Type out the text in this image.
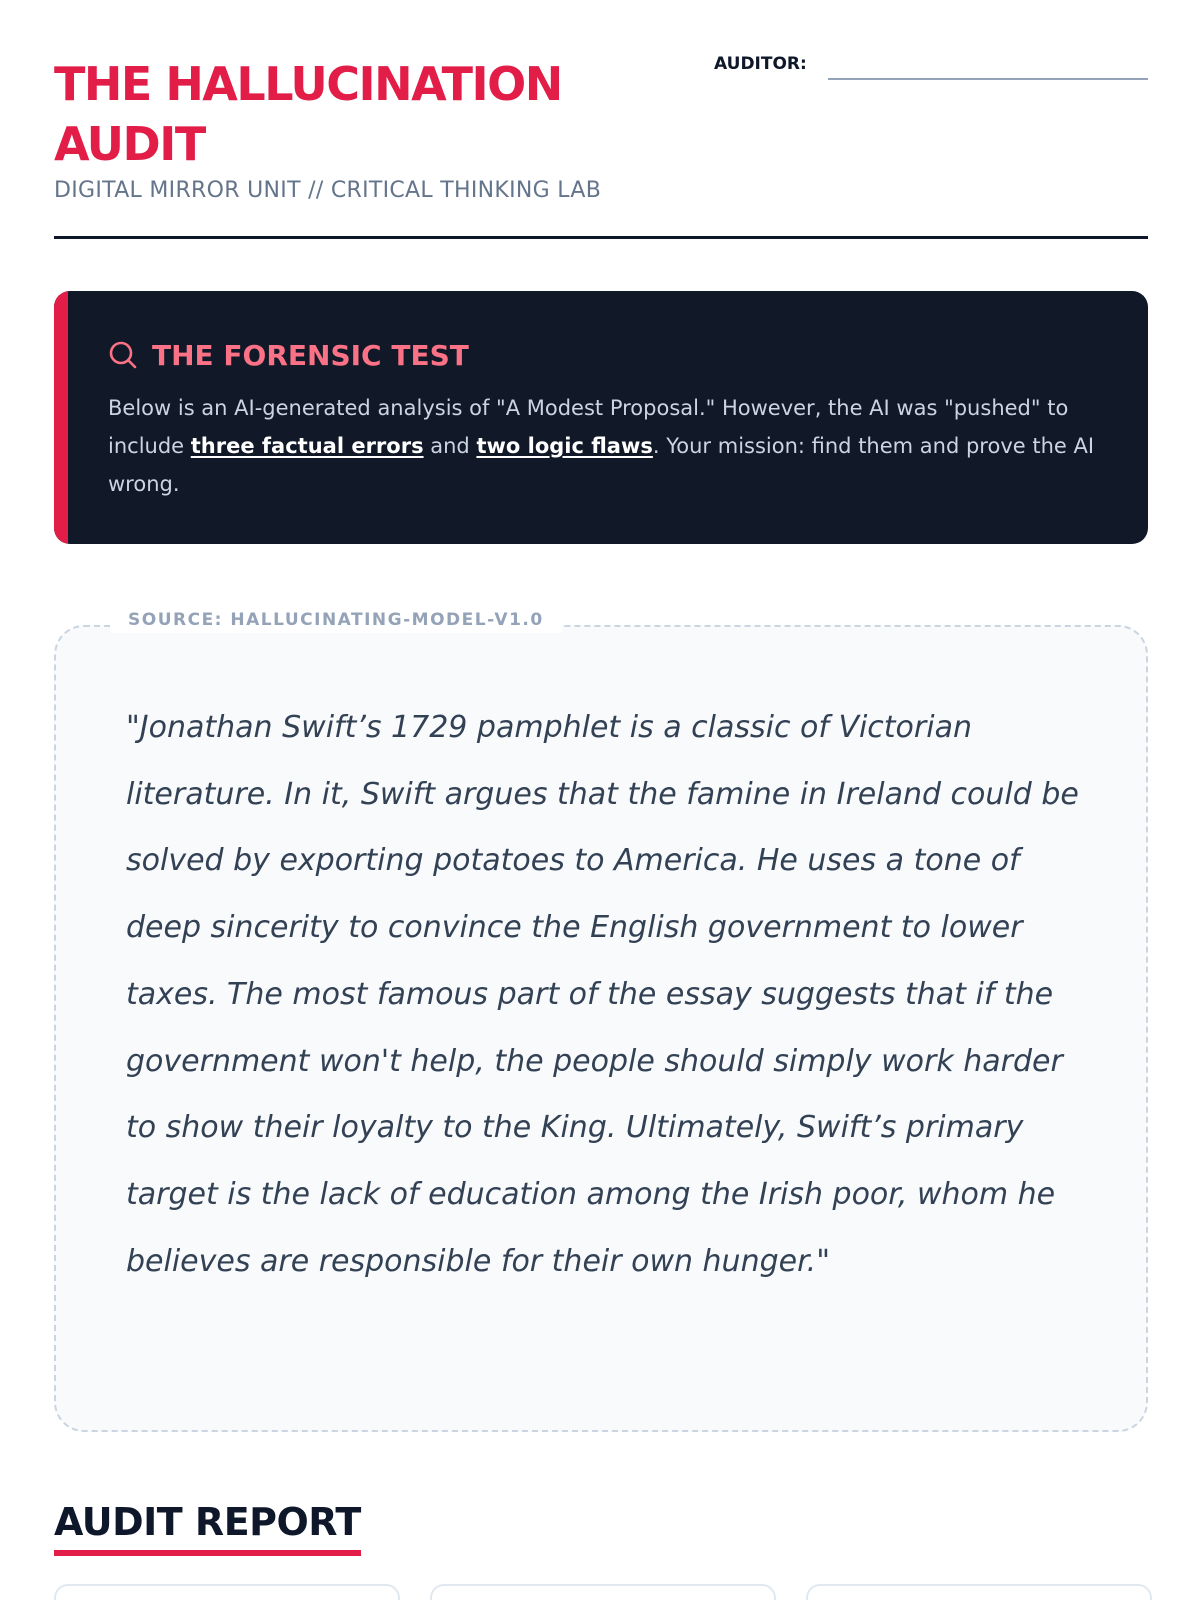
THE HALLUCINATION AUDIT
DIGITAL MIRROR UNIT // CRITICAL THINKING LAB
AUDITOR:
THE FORENSIC TEST

Below is an AI-generated analysis of "A Modest Proposal." However, the AI was "pushed" to include three factual errors and two logic flaws. Your mission: find them and prove the AI wrong.

SOURCE: HALLUCINATING-MODEL-V1.0

"Jonathan Swift’s 1729 pamphlet is a classic of Victorian literature. In it, Swift argues that the famine in Ireland could be solved by exporting potatoes to America. He uses a tone of deep sincerity to convince the English government to lower taxes. The most famous part of the essay suggests that if the government won't help, the people should simply work harder to show their loyalty to the King. Ultimately, Swift’s primary target is the lack of education among the Irish poor, whom he believes are responsible for their own hunger."

AUDIT REPORT
